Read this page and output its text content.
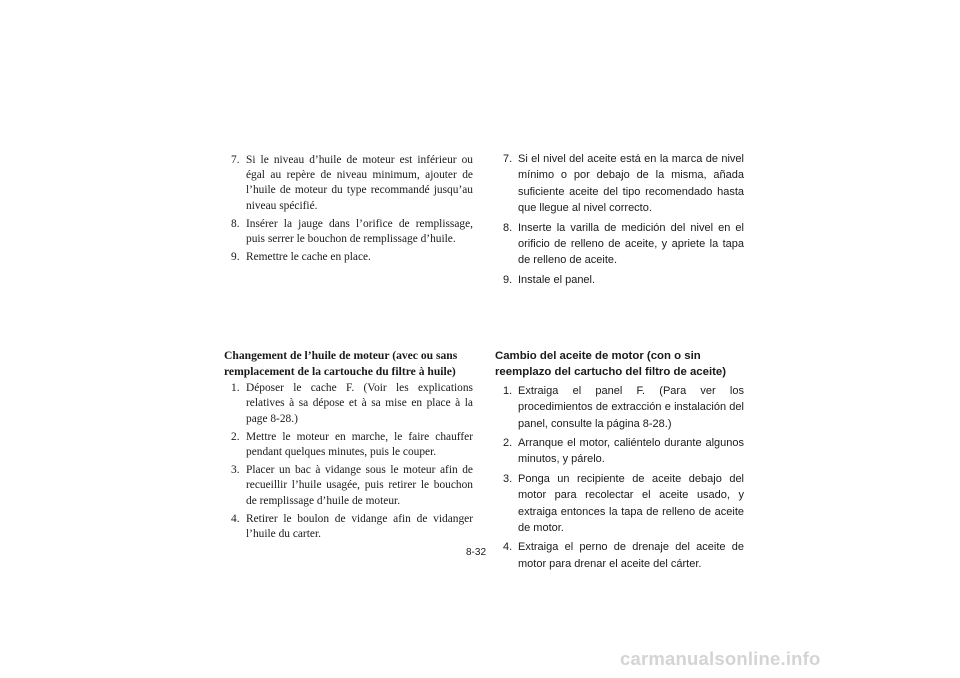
7. Si le niveau d’huile de moteur est inférieur ou égal au repère de niveau minimum, ajouter de l’huile de moteur du type recommandé jusqu’au niveau spécifié.
8. Insérer la jauge dans l’orifice de remplissage, puis serrer le bouchon de remplissage d’huile.
9. Remettre le cache en place.
Changement de l’huile de moteur (avec ou sans remplacement de la cartouche du filtre à huile)
1. Déposer le cache F. (Voir les explications relatives à sa dépose et à sa mise en place à la page 8-28.)
2. Mettre le moteur en marche, le faire chauffer pendant quelques minutes, puis le couper.
3. Placer un bac à vidange sous le moteur afin de recueillir l’huile usagée, puis retirer le bouchon de remplissage d’huile de moteur.
4. Retirer le boulon de vidange afin de vidanger l’huile du carter.
7. Si el nivel del aceite está en la marca de nivel mínimo o por debajo de la misma, añada suficiente aceite del tipo recomendado hasta que llegue al nivel correcto.
8. Inserte la varilla de medición del nivel en el orificio de relleno de aceite, y apriete la tapa de relleno de aceite.
9. Instale el panel.
Cambio del aceite de motor (con o sin reemplazo del cartucho del filtro de aceite)
1. Extraiga el panel F. (Para ver los procedimientos de extracción e instalación del panel, consulte la página 8-28.)
2. Arranque el motor, caliéntelo durante algunos minutos, y párelo.
3. Ponga un recipiente de aceite debajo del motor para recolectar el aceite usado, y extraiga entonces la tapa de relleno de aceite de motor.
4. Extraiga el perno de drenaje del aceite de motor para drenar el aceite del cárter.
8-32
carmanualsonline.info
